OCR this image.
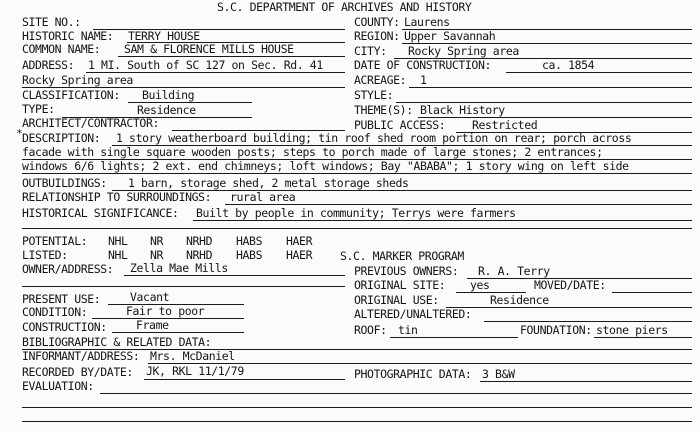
S.C. DEPARTMENT OF ARCHIVES AND HISTORY
SITE NO.:
HISTORIC NAME: TERRY HOUSE
COMMON NAME: SAM & FLORENCE MILLS HOUSE
ADDRESS: 1 MI. South of SC 127 on Sec. Rd. 41
Rocky Spring area
CLASSIFICATION: Building
TYPE:	Residence
ARCHITECT/CONTRACTOR:
COUNTY: Laurens
REGION: Upper Savannah
CITY: Rocky Spring area
DATE OF CONSTRUCTION:	ca. 1854
ACREAGE: 1
STYLE:
THEME(S): Black History
PUBLIC ACCESS: Restricted
* DESCRIPTION: 1 story weatherboard building; tin roof shed room portion on rear; porch across
facade with single square wooden posts; steps to porch made of large stones; 2 entrances;
windows 6/6 lights; 2 ext. end chimneys; loft windows; Bay "ABABA"; 1 story wing on left side
OUTBUILDINGS: 1 barn, storage shed, 2 metal storage sheds
RELATIONSHIP TO SURROUNDINGS: rural area
HISTORICAL SIGNIFICANCE: Built by people in community; Terrys were farmers
POTENTIAL: NHL NR NRHD HABS HAER
LISTED:	NHL NR NRHD HABS HAER S.C. MARKER PROGRAM
OWNER/ADDRESS: Zella Mae Mills	PREVIOUS OWNERS: R. A. Terry
ORIGINAL SITE: yes	MOVED/DATE:
PRESENT USE:	Vacant	ORIGINAL USE:	Residence
CONDITION:	Fair to poor	ALTERED/UNALTERED:
CONSTRUCTION:	Frame	ROOF: tin	FOUNDATION: stone piers
BIBLIOGRAPHIC & RELATED DATA:
INFORMANT/ADDRESS: Mrs. McDaniel
RECORDED BY/DATE: JK, RKL 11/1/79	PHOTOGRAPHIC DATA: 3 B&W
EVALUATION:
